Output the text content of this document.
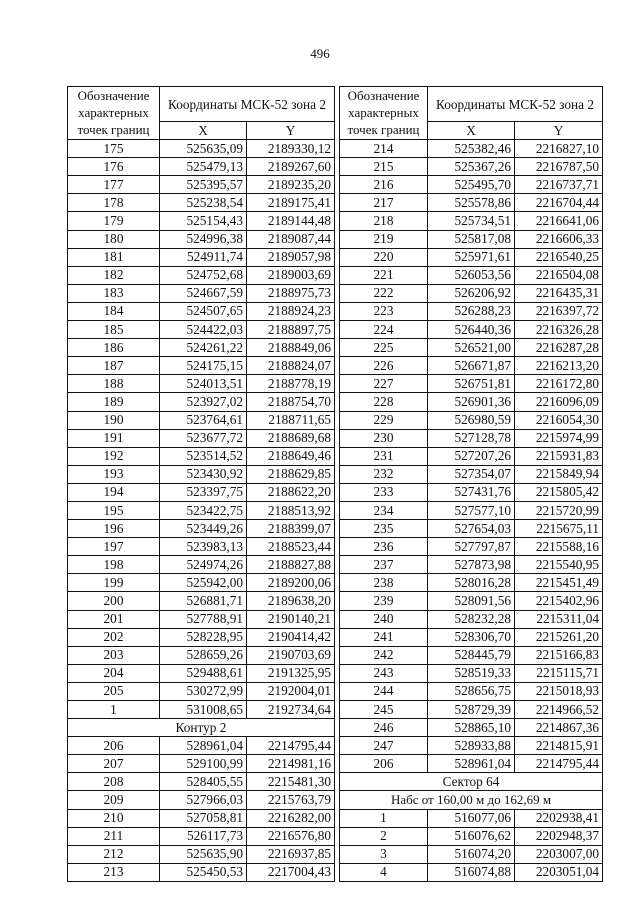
496
Обозначение характерных точек границ	Координаты МСК-52 зона 2	
	X	Y
175	525635,09	2189330,12
176	525479,13	2189267,60
177	525395,57	2189235,20
178	525238,54	2189175,41
179	525154,43	2189144,48
180	524996,38	2189087,44
181	524911,74	2189057,98
182	524752,68	2189003,69
183	524667,59	2188975,73
184	524507,65	2188924,23
185	524422,03	2188897,75
186	524261,22	2188849,06
187	524175,15	2188824,07
188	524013,51	2188778,19
189	523927,02	2188754,70
190	523764,61	2188711,65
191	523677,72	2188689,68
192	523514,52	2188649,46
193	523430,92	2188629,85
194	523397,75	2188622,20
195	523422,75	2188513,92
196	523449,26	2188399,07
197	523983,13	2188523,44
198	524974,26	2188827,88
199	525942,00	2189200,06
200	526881,71	2189638,20
201	527788,91	2190140,21
202	528228,95	2190414,42
203	528659,26	2190703,69
204	529488,61	2191325,95
205	530272,99	2192004,01
1	531008,65	2192734,64
Контур 2		
206	528961,04	2214795,44
207	529100,99	2214981,16
208	528405,55	2215481,30
209	527966,03	2215763,79
210	527058,81	2216282,00
211	526117,73	2216576,80
212	525635,90	2216937,85
213	525450,53	2217004,43
Обозначение характерных точек границ	Координаты МСК-52 зона 2	
	X	Y
214	525382,46	2216827,10
215	525367,26	2216787,50
216	525495,70	2216737,71
217	525578,86	2216704,44
218	525734,51	2216641,06
219	525817,08	2216606,33
220	525971,61	2216540,25
221	526053,56	2216504,08
222	526206,92	2216435,31
223	526288,23	2216397,72
224	526440,36	2216326,28
225	526521,00	2216287,28
226	526671,87	2216213,20
227	526751,81	2216172,80
228	526901,36	2216096,09
229	526980,59	2216054,30
230	527128,78	2215974,99
231	527207,26	2215931,83
232	527354,07	2215849,94
233	527431,76	2215805,42
234	527577,10	2215720,99
235	527654,03	2215675,11
236	527797,87	2215588,16
237	527873,98	2215540,95
238	528016,28	2215451,49
239	528091,56	2215402,96
240	528232,28	2215311,04
241	528306,70	2215261,20
242	528445,79	2215166,83
243	528519,33	2215115,71
244	528656,75	2215018,93
245	528729,39	2214966,52
246	528865,10	2214867,36
247	528933,88	2214815,91
206	528961,04	2214795,44
Сектор 64		
Набс от 160,00 м до 162,69 м		
1	516077,06	2202938,41
2	516076,62	2202948,37
3	516074,20	2203007,00
4	516074,88	2203051,04
